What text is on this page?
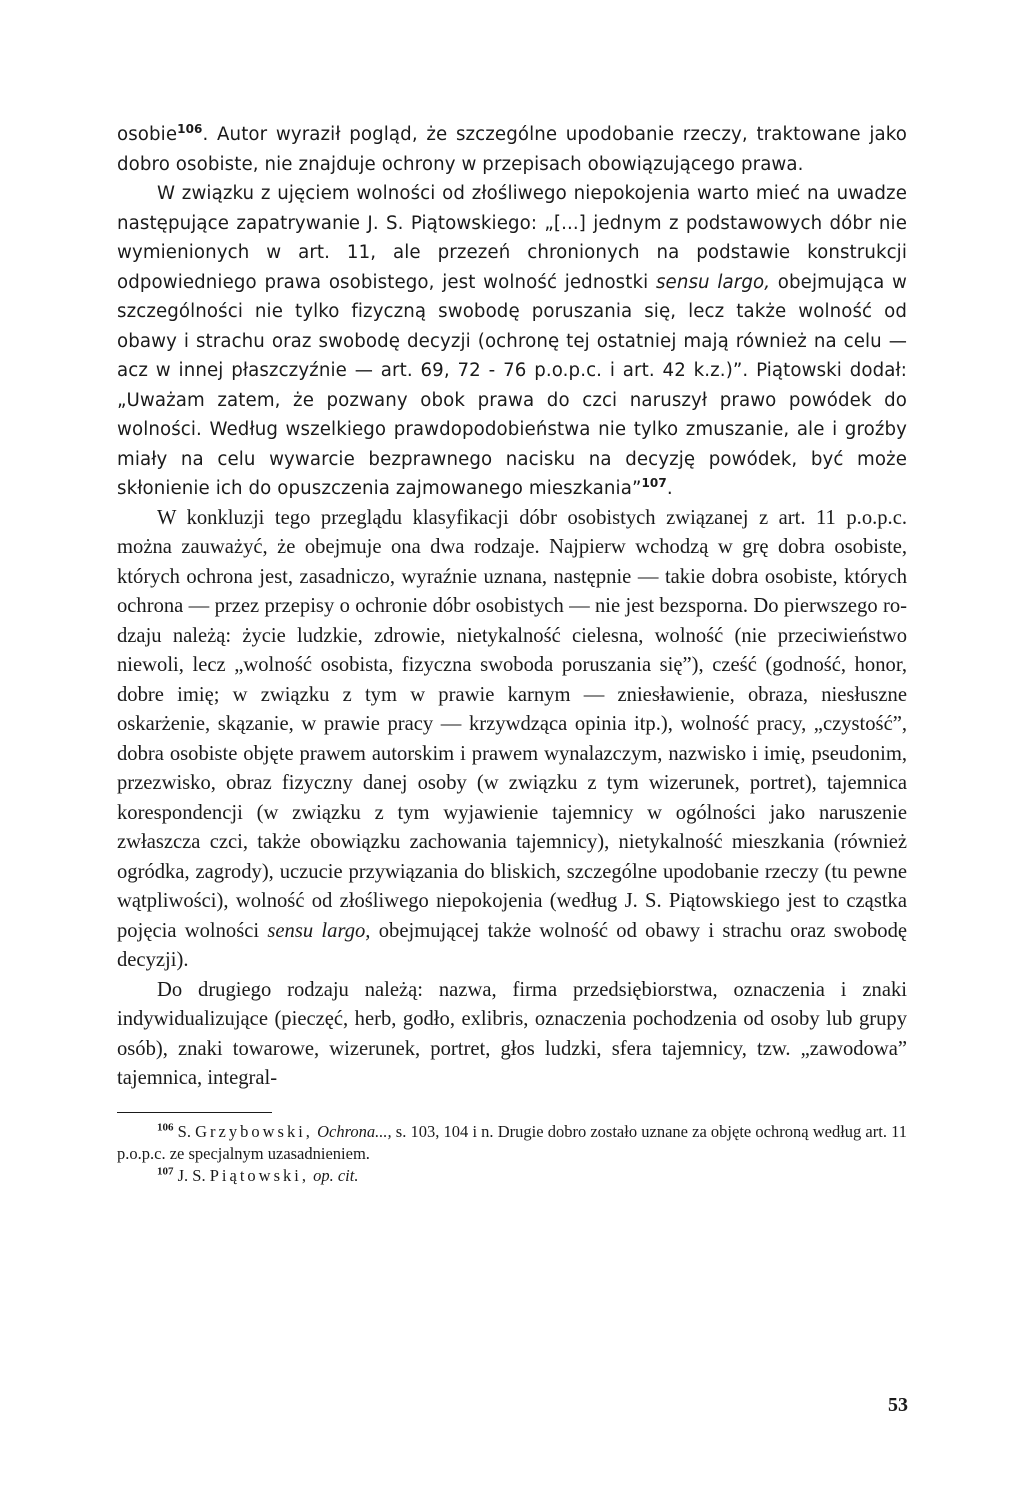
osobie$^{106}$. Autor wyraził pogląd, że szczególne upodobanie rzeczy, traktowane jako dobro osobiste, nie znajduje ochrony w przepisach obowiązującego prawa.

W związku z ujęciem wolności od złośliwego niepokojenia warto mieć na uwadze następujące zapatrywanie J. S. Piątowskiego: „[...] jednym z podstawowych dóbr nie wymienionych w art. 11, ale przezeń chronionych na podstawie konstrukcji odpowiedniego prawa osobistego, jest wolność jednostki sensu largo, obejmująca w szczególności nie tylko fizyczną swobodę poruszania się, lecz także wolność od obawy i strachu oraz swobodę decyzji (ochronę tej ostatniej mają również na celu — acz w innej płaszczyźnie — art. 69, 72 - 76 p.o.p.c. i art. 42 k.z.)”. Piątowski dodał: „Uważam zatem, że pozwany obok prawa do czci naruszył prawo powódek do wolności. Według wszelkiego prawdopodobieństwa nie tylko zmuszanie, ale i groźby miały na celu wywarcie bezprawnego nacisku na decyzję powódek, być może skłonienie ich do opuszczenia zajmowanego mieszkania”$^{107}$.

W konkluzji tego przeglądu klasyfikacji dóbr osobistych związanej z art. 11 p.o.p.c. można zauważyć, że obejmuje ona dwa rodzaje. Najpierw wchodzą w grę dobra osobiste, których ochrona jest, zasadniczo, wyraźnie uznana, następnie — takie dobra osobiste, których ochrona — przez przepisy o ochronie dóbr osobistych — nie jest bezsporna. Do pierwszego rodzaju należą: życie ludzkie, zdrowie, nietykalność cielesna, wolność (nie przeciwieństwo niewoli, lecz „wolność osobista, fizyczna swoboda poruszania się”), cześć (godność, honor, dobre imię; w związku z tym w prawie karnym — zniesławienie, obraza, niesłuszne oskarżenie, skązanie, w prawie pracy — krzywdząca opinia itp.), wolność pracy, „czystość”, dobra osobiste objęte prawem autorskim i prawem wynalazczym, nazwisko i imię, pseudonim, przezwisko, obraz fizyczny danej osoby (w związku z tym wizerunek, portret), tajemnica korespondencji (w związku z tym wyjawienie tajemnicy w ogólności jako naruszenie zwłaszcza czci, także obowiązku zachowania tajemnicy), nietykalność mieszkania (również ogródka, zagrody), uczucie przywiązania do bliskich, szczególne upodobanie rzeczy (tu pewne wątpliwości), wolność od złośliwego niepokojenia (według J. S. Piątowskiego jest to cząstka pojęcia wolności sensu largo, obejmującej także wolność od obawy i strachu oraz swobodę decyzji).

Do drugiego rodzaju należą: nazwa, firma przedsiębiorstwa, oznaczenia i znaki indywidualizujące (pieczęć, herb, godło, exlibris, oznaczenia pochodzenia od osoby lub grupy osób), znaki towarowe, wizerunek, portret, głos ludzki, sfera tajemnicy, tzw. „zawodowa” tajemnica, integral-

$^{106}$ S. Grzybowski, Ochrona..., s. 103, 104 i n. Drugie dobro zostało uznane za objęte ochroną według art. 11 p.o.p.c. ze specjalnym uzasadnieniem.

$^{107}$ J. S. Piątowski, op. cit.

53
